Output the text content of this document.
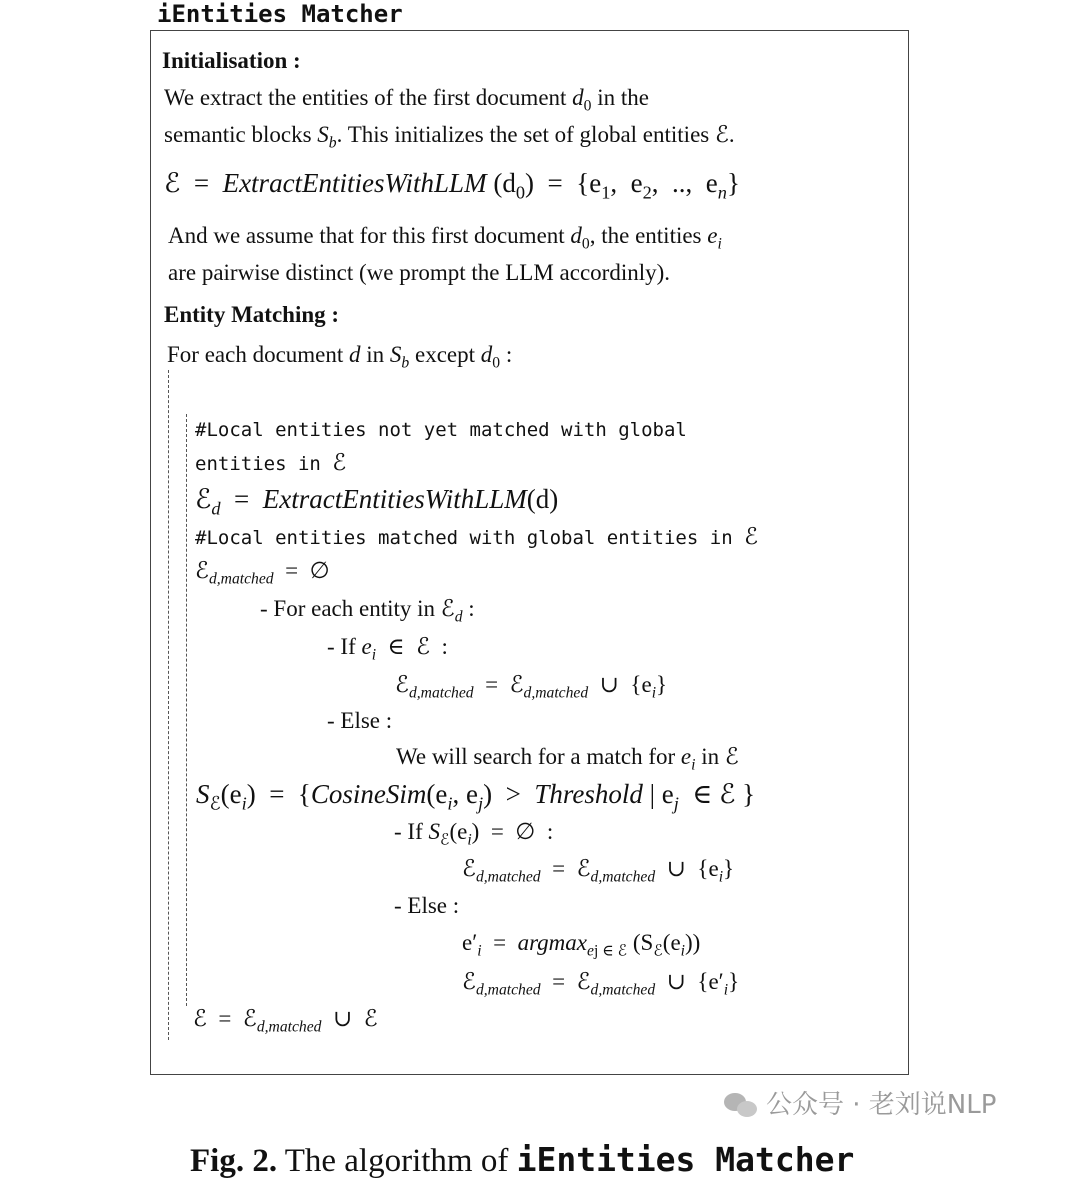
iEntities Matcher
Initialisation :
We extract the entities of the first document $d_0$ in the
semantic blocks $S_b$. This initializes the set of global entities ℰ.
ℰ  =  ExtractEntitiesWithLLM $(d_0) = \{e_1$,  $e_2$,  ..,  $e_n$}
And we assume that for this first document $d_0$, the entities $e_i$
are pairwise distinct (we prompt the LLM accordinly).
Entity Matching :
For each document d in $S_b$ except $d_0$ :
#Local entities not yet matched with global
entities in ℰ
ℰ$_d$  =  ExtractEntitiesWithLLM(d)
#Local entities matched with global entities in ℰ
ℰ$_{d,matched}$  =  ∅
- For each entity in ℰ$_d$ :
- If $e_i$  ∈  ℰ  :
ℰ$_{d,matched}$  =  ℰ$_{d,matched}$  ∪  $\{e_i\}$
- Else :
We will search for a match for $e_i$ in ℰ
$S_ℰ(e_i)$  =  {$CosineSim(e_i$, $e_j$)  >  Threshold | $e_j$  ∈ ℰ }
- If $S_ℰ(e_i)$  =  ∅  :
ℰ$_{d,matched}$  =  ℰ$_{d,matched}$  ∪  $\{e_i\}$
- Else :
$e'_i = argmax_{ej \in ℰ}$ $(S_ℰ(e_i))$
ℰ$_{d,matched}$  =  ℰ$_{d,matched}$  ∪  $\{e'_i\}$
ℰ  =  ℰ$_{d,matched}$  ∪  ℰ
公众号 · 老刘说NLP
Fig. 2. The algorithm of iEntities Matcher
